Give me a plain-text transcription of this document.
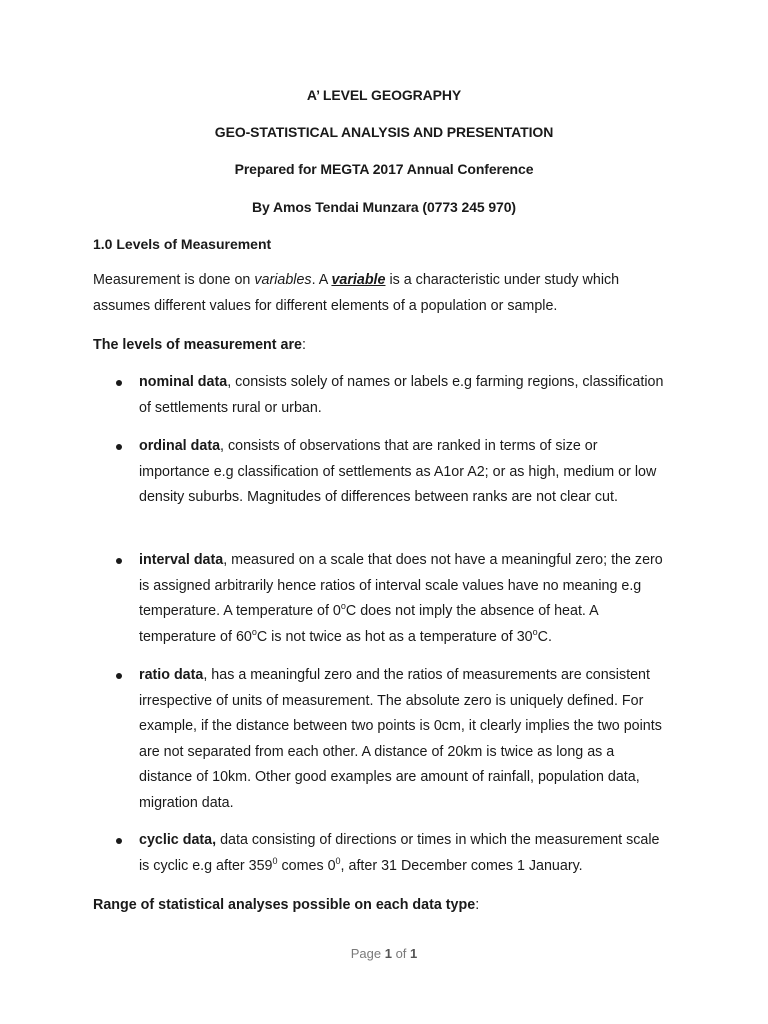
A’ LEVEL GEOGRAPHY
GEO-STATISTICAL ANALYSIS AND PRESENTATION
Prepared for MEGTA 2017 Annual Conference
By Amos Tendai Munzara (0773 245 970)
1.0 Levels of Measurement
Measurement is done on variables. A variable is a characteristic under study which assumes different values for different elements of a population or sample.
The levels of measurement are:
nominal data, consists solely of names or labels e.g farming regions, classification of settlements rural or urban.
ordinal data, consists of observations that are ranked in terms of size or importance e.g classification of settlements as A1or A2; or as high, medium or low density suburbs. Magnitudes of differences between ranks are not clear cut.
interval data, measured on a scale that does not have a meaningful zero; the zero is assigned arbitrarily hence ratios of interval scale values have no meaning e.g temperature. A temperature of 0$^o$C does not imply the absence of heat. A temperature of 60$^o$C is not twice as hot as a temperature of 30$^o$C.
ratio data, has a meaningful zero and the ratios of measurements are consistent irrespective of units of measurement. The absolute zero is uniquely defined. For example, if the distance between two points is 0cm, it clearly implies the two points are not separated from each other. A distance of 20km is twice as long as a distance of 10km. Other good examples are amount of rainfall, population data, migration data.
cyclic data, data consisting of directions or times in which the measurement scale is cyclic e.g after $359^0$ comes $0^0$, after 31 December comes 1 January.
Range of statistical analyses possible on each data type:
Page 1 of 1
